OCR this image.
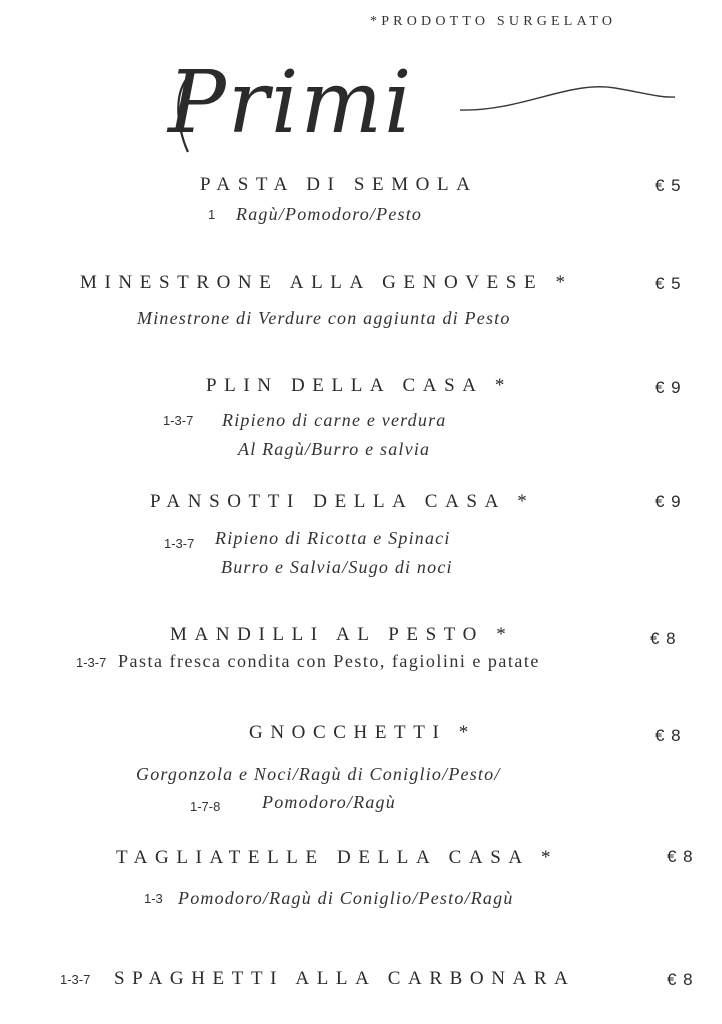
*PRODOTTO SURGELATO
Primi
PASTA DI SEMOLA	€ 5
1 Ragù/Pomodoro/Pesto
MINESTRONE ALLA GENOVESE *	€ 5
Minestrone di Verdure con aggiunta di Pesto
PLIN DELLA CASA *	€ 9
1-3-7 Ripieno di carne e verdura
Al Ragù/Burro e salvia
PANSOTTI DELLA CASA *	€ 9
1-3-7 Ripieno di Ricotta e Spinaci
Burro e Salvia/Sugo di noci
MANDILLI AL PESTO *	€ 8
1-3-7 Pasta fresca condita con Pesto, fagiolini e patate
GNOCCHETTI *	€ 8
Gorgonzola e Noci/Ragù di Coniglio/Pesto/
1-7-8 Pomodoro/Ragù
TAGLIATELLE DELLA CASA *	€ 8
1-3 Pomodoro/Ragù di Coniglio/Pesto/Ragù
1-3-7 SPAGHETTI ALLA CARBONARA	€ 8
